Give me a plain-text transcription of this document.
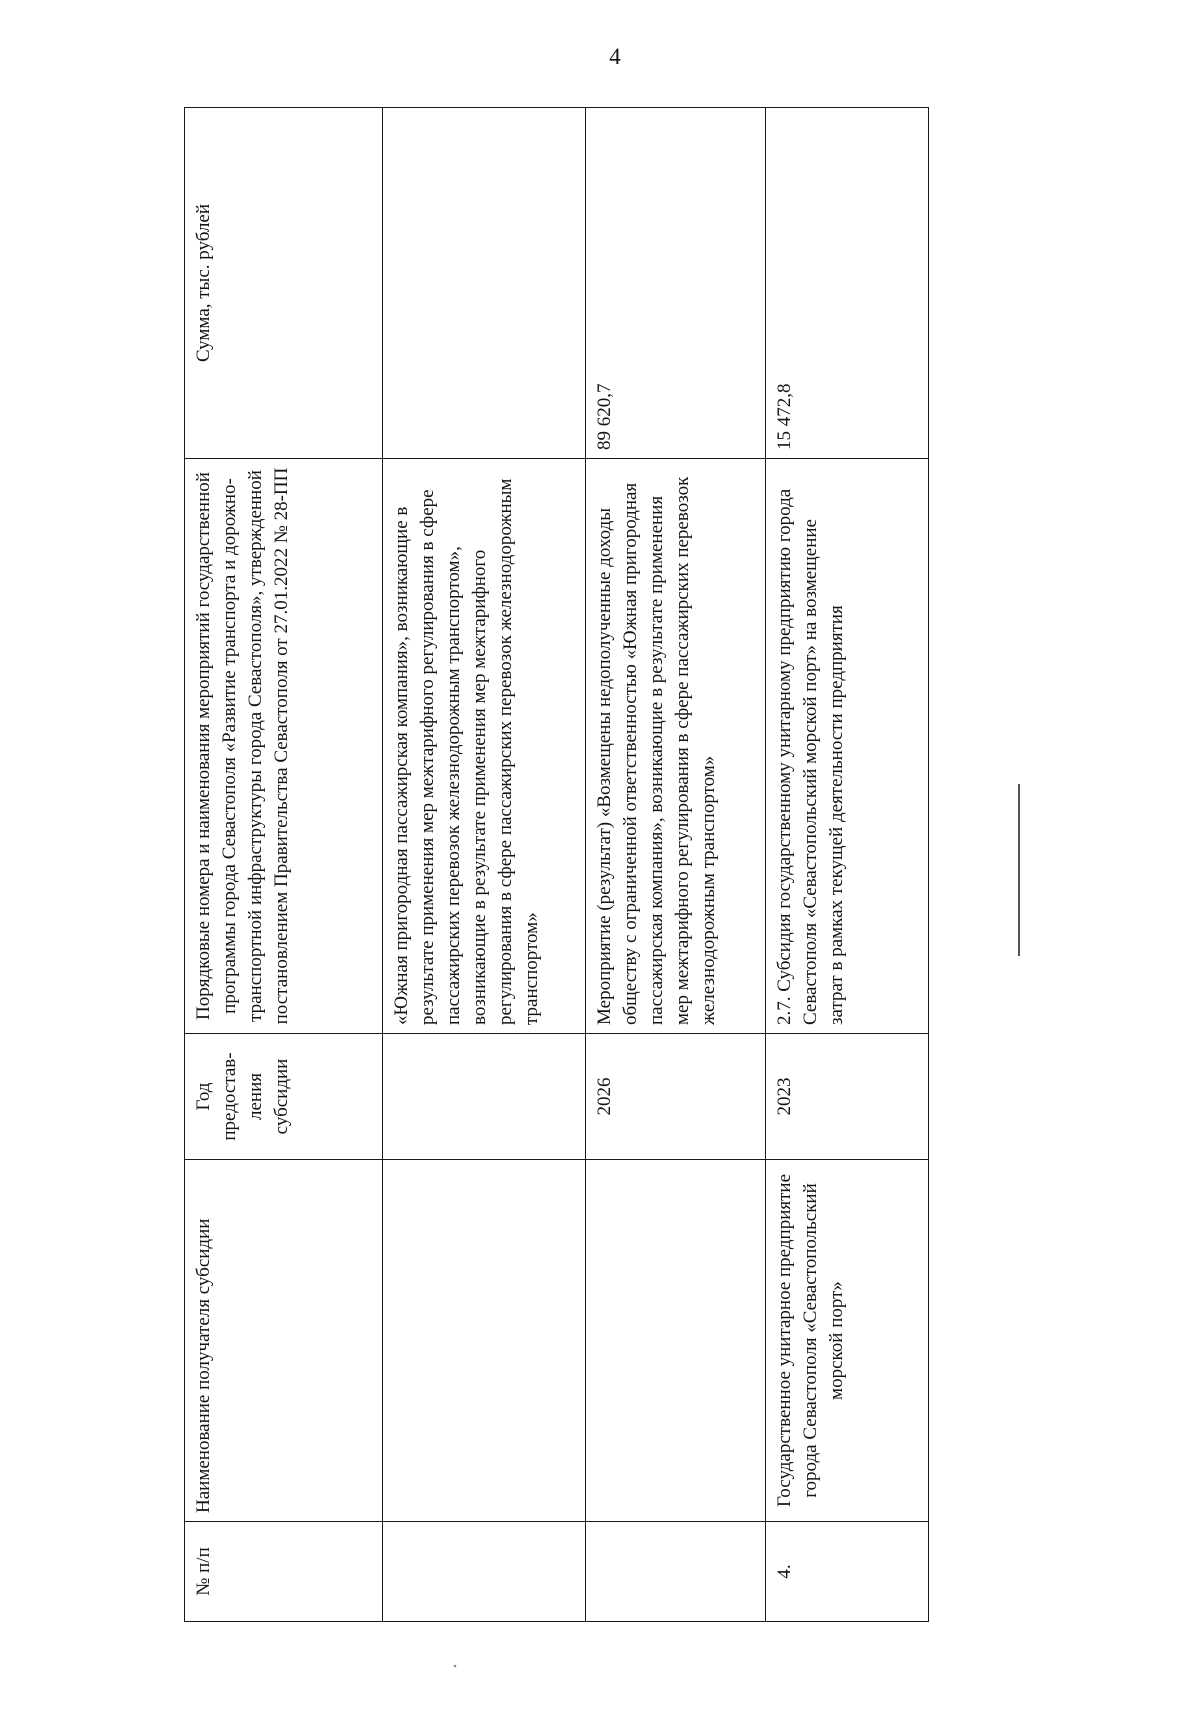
4
№ п/п	Наименование получателя субсидии	Год предостав-ления субсидии	Порядковые номера и наименования мероприятий государственной программы города Севастополя «Развитие транспорта и дорожно-транспортной инфраструктуры города Севастополя», утвержденной постановлением Правительства Севастополя от 27.01.2022 № 28-ПП	Сумма, тыс. рублей
			«Южная пригородная пассажирская компания», возникающие в результате применения мер межтарифного регулирования в сфере пассажирских перевозок железнодорожным транспортом», возникающие в результате применения мер межтарифного регулирования в сфере пассажирских перевозок железнодорожным транспортом»	
		2026	Мероприятие (результат) «Возмещены недополученные доходы обществу с ограниченной ответственностью «Южная пригородная пассажирская компания», возникающие в результате применения мер межтарифного регулирования в сфере пассажирских перевозок железнодорожным транспортом»	89 620,7
4.	Государственное унитарное предприятие города Севастополя «Севастопольский морской порт»	2023	2.7. Субсидия государственному унитарному предприятию города Севастополя «Севастопольский морской порт» на возмещение затрат в рамках текущей деятельности предприятия	15 472,8
